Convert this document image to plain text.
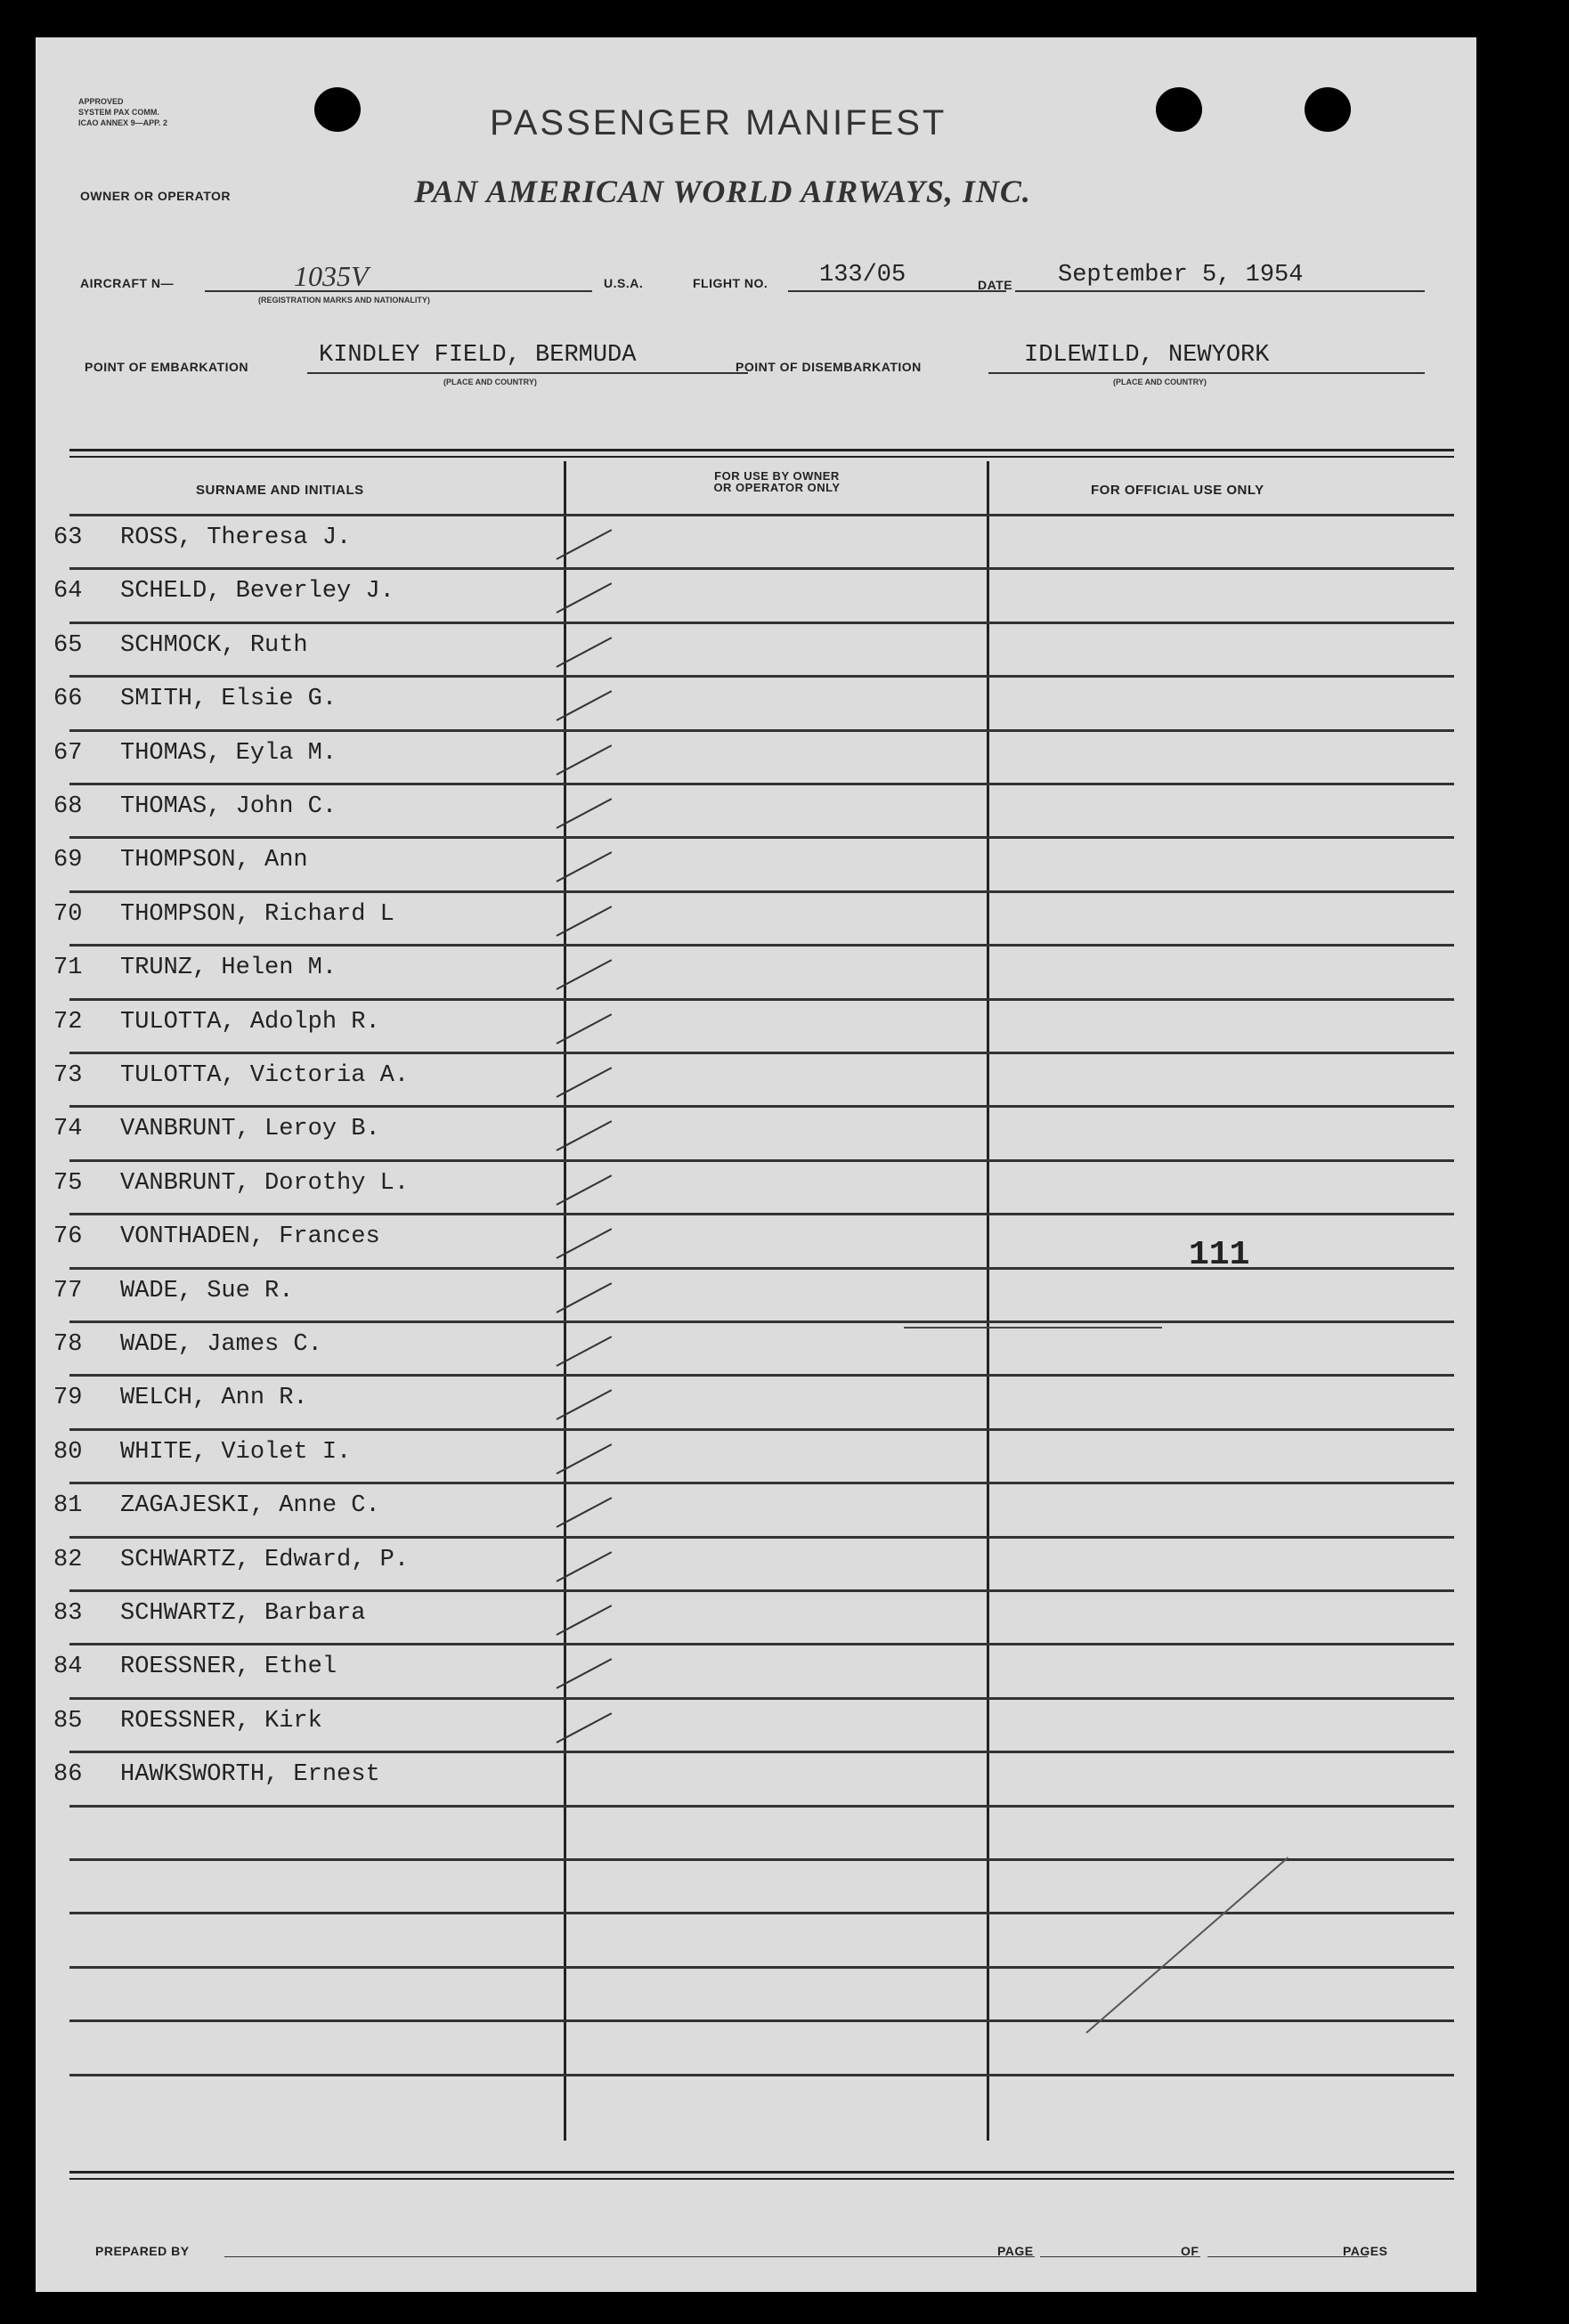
APPROVED
SYSTEM PAX COMM.
ICAO ANNEX 9—APP. 2	PASSENGER MANIFEST
OWNER OR OPERATOR	PAN AMERICAN WORLD AIRWAYS, INC.
AIRCRAFT N—	1035V
(REGISTRATION MARKS AND NATIONALITY)
U.S.A.	FLIGHT NO. 133/05	DATE September 5, 1954
POINT OF EMBARKATION	KINDLEY FIELD, BERMUDA
(PLACE AND COUNTRY)
POINT OF DISEMBARKATION	IDLEWILD, NEWYORK
(PLACE AND COUNTRY)
SURNAME AND INITIALS
FOR USE BY OWNER
OR OPERATOR ONLY	FOR OFFICIAL USE ONLY
63 ROSS, Theresa J.
64 SCHELD, Beverley J.
65 SCHMOCK, Ruth
66 SMITH, Elsie G.
67 THOMAS, Eyla M.
68 THOMAS, John C.
69 THOMPSON, Ann
70 THOMPSON, Richard L
71 TRUNZ, Helen M.
72 TULOTTA, Adolph R.
73 TULOTTA, Victoria A.
74 VANBRUNT, Leroy B.
75 VANBRUNT, Dorothy L.
76 VONTHADEN, Frances
77 WADE, Sue R.
78 WADE, James C.
79 WELCH, Ann R.
80 WHITE, Violet I.
81 ZAGAJESKI, Anne C.
82 SCHWARTZ, Edward, P.
83 SCHWARTZ, Barbara
84 ROESSNER, Ethel
85 ROESSNER, Kirk
86 HAWKSWORTH, Ernest
111
PREPARED BY	PAGE	OF	PAGES
